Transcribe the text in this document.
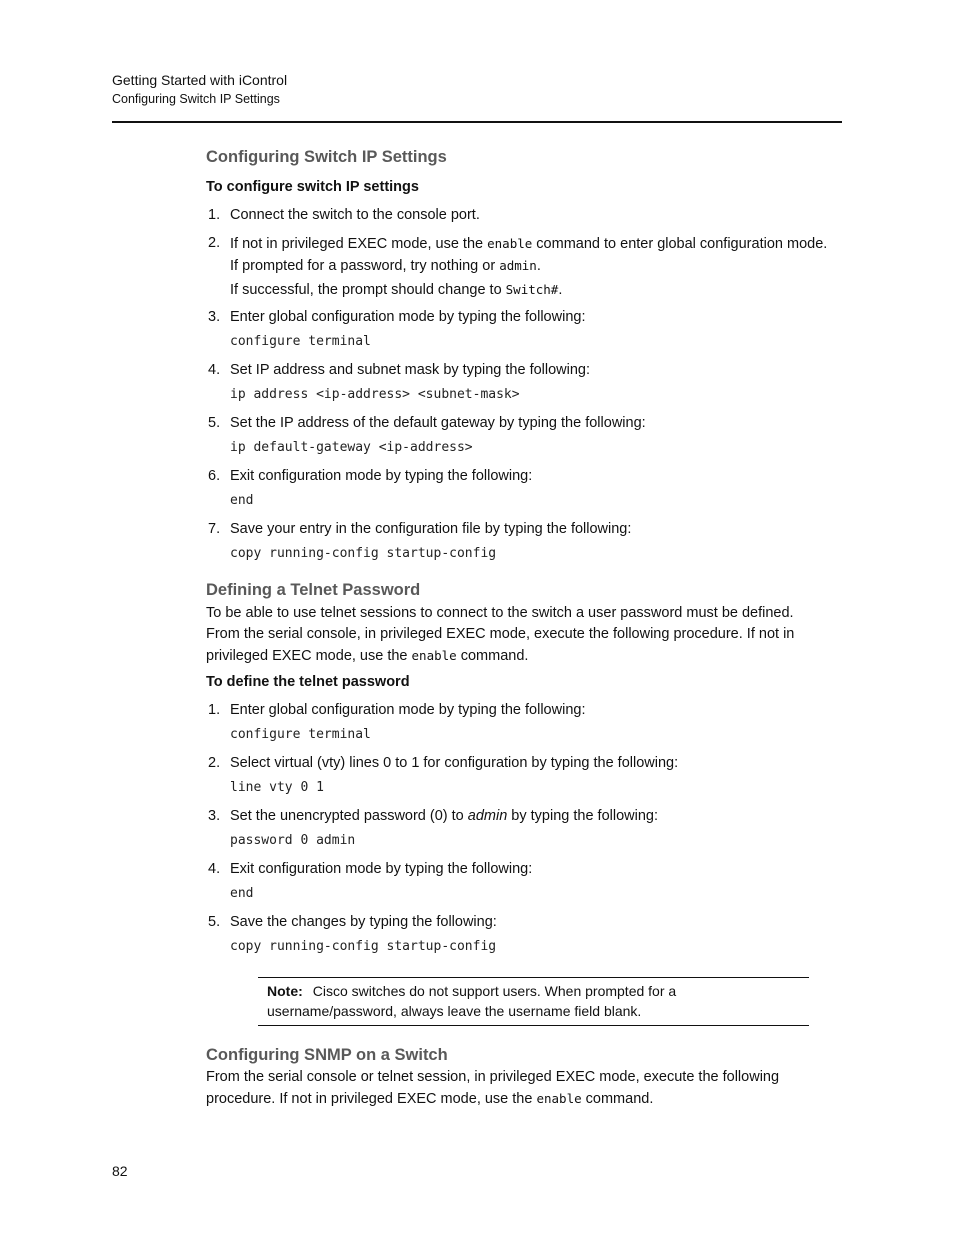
Getting Started with iControl
Configuring Switch IP Settings
Configuring Switch IP Settings
To configure switch IP settings
1. Connect the switch to the console port.
2. If not in privileged EXEC mode, use the enable command to enter global configuration mode. If prompted for a password, try nothing or admin.
If successful, the prompt should change to Switch#.
3. Enter global configuration mode by typing the following:
configure terminal
4. Set IP address and subnet mask by typing the following:
ip address <ip-address> <subnet-mask>
5. Set the IP address of the default gateway by typing the following:
ip default-gateway <ip-address>
6. Exit configuration mode by typing the following:
end
7. Save your entry in the configuration file by typing the following:
copy running-config startup-config
Defining a Telnet Password
To be able to use telnet sessions to connect to the switch a user password must be defined. From the serial console, in privileged EXEC mode, execute the following procedure. If not in privileged EXEC mode, use the enable command.
To define the telnet password
1. Enter global configuration mode by typing the following:
configure terminal
2. Select virtual (vty) lines 0 to 1 for configuration by typing the following:
line vty 0 1
3. Set the unencrypted password (0) to admin by typing the following:
password 0 admin
4. Exit configuration mode by typing the following:
end
5. Save the changes by typing the following:
copy running-config startup-config
Note: Cisco switches do not support users. When prompted for a username/password, always leave the username field blank.
Configuring SNMP on a Switch
From the serial console or telnet session, in privileged EXEC mode, execute the following procedure. If not in privileged EXEC mode, use the enable command.
82
